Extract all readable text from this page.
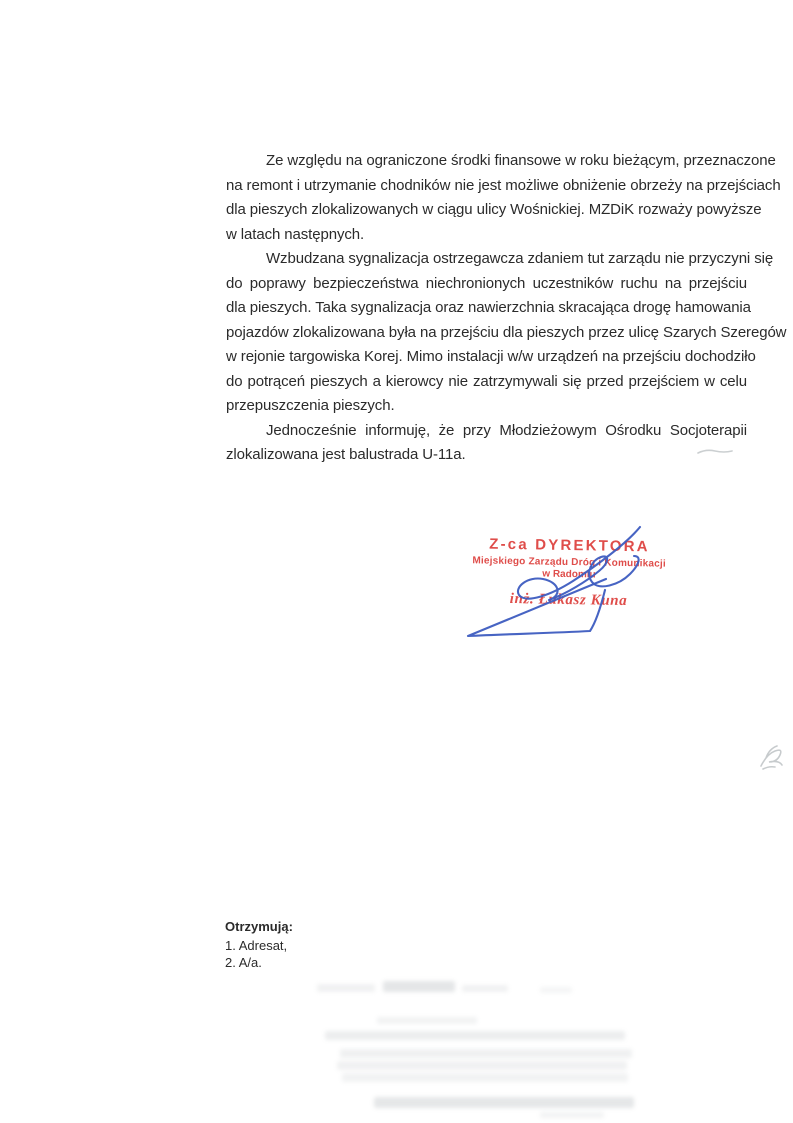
Ze względu na ograniczone środki finansowe w roku bieżącym, przeznaczone
na remont i utrzymanie chodników nie jest możliwe obniżenie obrzeży na przejściach
dla pieszych zlokalizowanych w ciągu ulicy Wośnickiej. MZDiK rozważy powyższe
w latach następnych.
Wzbudzana sygnalizacja ostrzegawcza zdaniem tut zarządu nie przyczyni się
do poprawy bezpieczeństwa niechronionych uczestników ruchu na przejściu
dla pieszych. Taka sygnalizacja oraz nawierzchnia skracająca drogę hamowania
pojazdów zlokalizowana była na przejściu dla pieszych przez ulicę Szarych Szeregów
w rejonie targowiska Korej. Mimo instalacji w/w urządzeń na przejściu dochodziło
do potrąceń pieszych a kierowcy nie zatrzymywali się przed przejściem w celu
przepuszczenia pieszych.
Jednocześnie informuję, że przy Młodzieżowym Ośrodku Socjoterapii
zlokalizowana jest balustrada U-11a.
Z-ca DYREKTORA
Miejskiego Zarządu Dróg i Komunikacji
w Radomiu
inż. Łukasz Kuna
Otrzymują:
1. Adresat,
2. A/a.
